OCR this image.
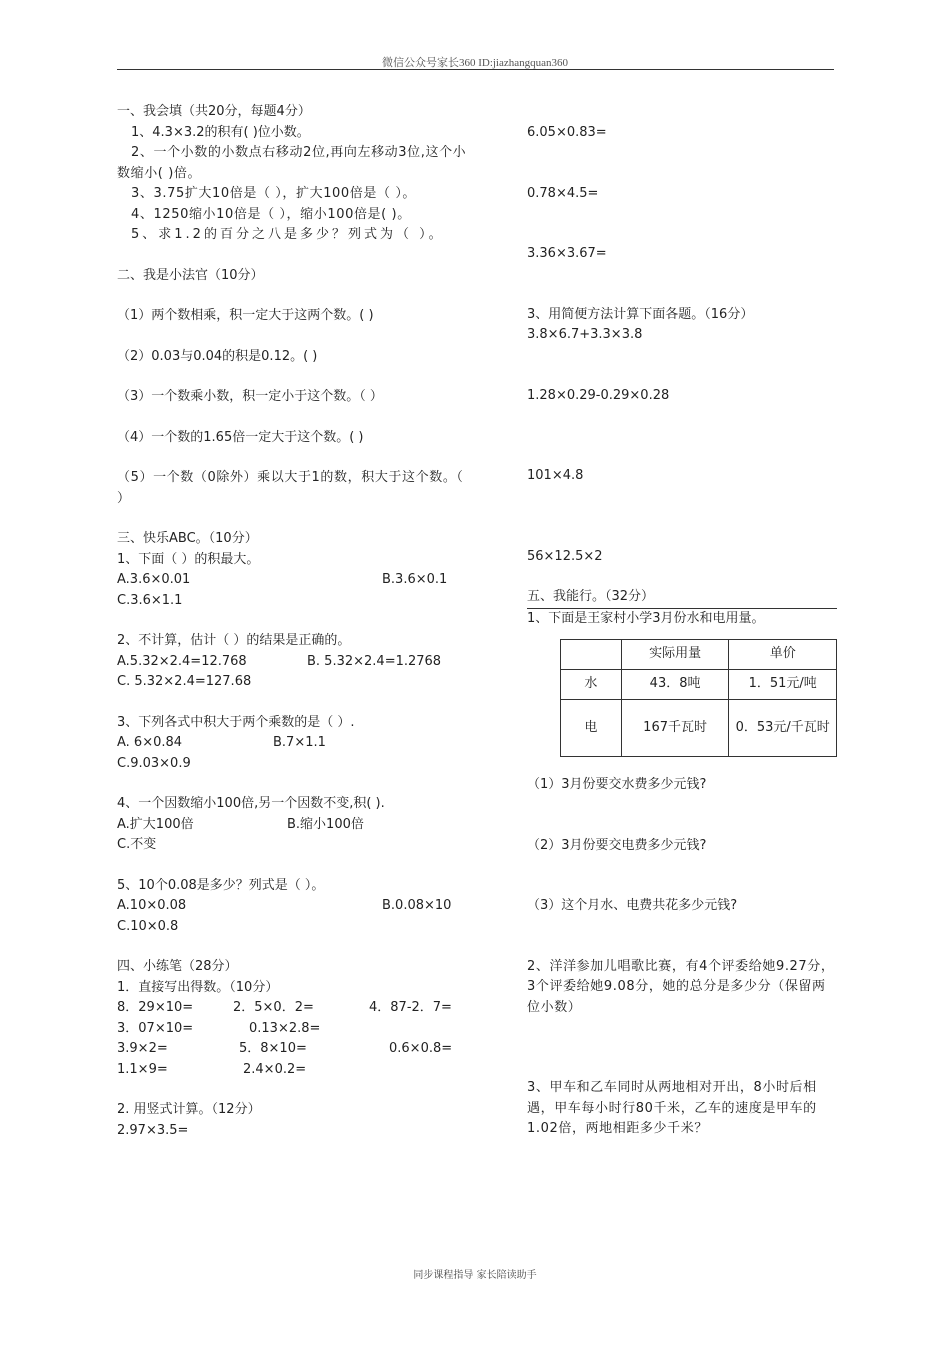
微信公众号家长360 ID:jiazhangquan360
一、我会填（共20分，每题4分）
1、4.3×3.2的积有( )位小数。
2、一个小数的小数点右移动2位,再向左移动3位,这个小数缩小( )倍。
3、3.75扩大10倍是（ ），扩大100倍是（ ）。
4、1250缩小10倍是（ ），缩小100倍是( )。
5、求1.2的百分之八是多少？列式为（ ）。
二、我是小法官（10分）
（1）两个数相乘，积一定大于这两个数。( )
（2）0.03与0.04的积是0.12。( )
（3）一个数乘小数，积一定小于这个数。（ ）
（4）一个数的1.65倍一定大于这个数。( )
（5）一个数（0除外）乘以大于1的数，积大于这个数。（ ）
三、快乐ABC。（10分）
1、下面（ ）的积最大。
A.3.6×0.01	B.3.6×0.1
C.3.6×1.1
2、不计算，估计（ ）的结果是正确的。
A.5.32×2.4=12.768	B. 5.32×2.4=1.2768
C. 5.32×2.4=127.68
3、下列各式中积大于两个乘数的是（ ）.
A. 6×0.84	B.7×1.1
C.9.03×0.9
4、一个因数缩小100倍,另一个因数不变,积( ).
A.扩大100倍	B.缩小100倍
C.不变
5、10个0.08是多少？列式是（ ）。
A.10×0.08	B.0.08×10
C.10×0.8
四、小练笔（28分）
1．直接写出得数。（10分）
8．29×10=	2．5×0．2=	4．87-2．7=
3．07×10=	0.13×2.8=
3.9×2=	5．8×10=	0.6×0.8=
1.1×9=	2.4×0.2=
2. 用竖式计算。（12分）
2.97×3.5=
6.05×0.83=
0.78×4.5=
3.36×3.67=
3、用简便方法计算下面各题。（16分）
3.8×6.7+3.3×3.8
1.28×0.29-0.29×0.28
101×4.8
56×12.5×2
五、我能行。（32分）
1、下面是王家村小学3月份水和电用量。
	实际用量	单价
水	43．8吨	1．51元/吨
电	167千瓦时	0．53元/千瓦时
（1）3月份要交水费多少元钱?
（2）3月份要交电费多少元钱?
（3）这个月水、电费共花多少元钱?
2、洋洋参加儿唱歌比赛，有4个评委给她9.27分，3个评委给她9.08分，她的总分是多少分（保留两位小数）
3、甲车和乙车同时从两地相对开出，8小时后相遇，甲车每小时行80千米，乙车的速度是甲车的1.02倍，两地相距多少千米？
同步课程指导 家长陪读助手
